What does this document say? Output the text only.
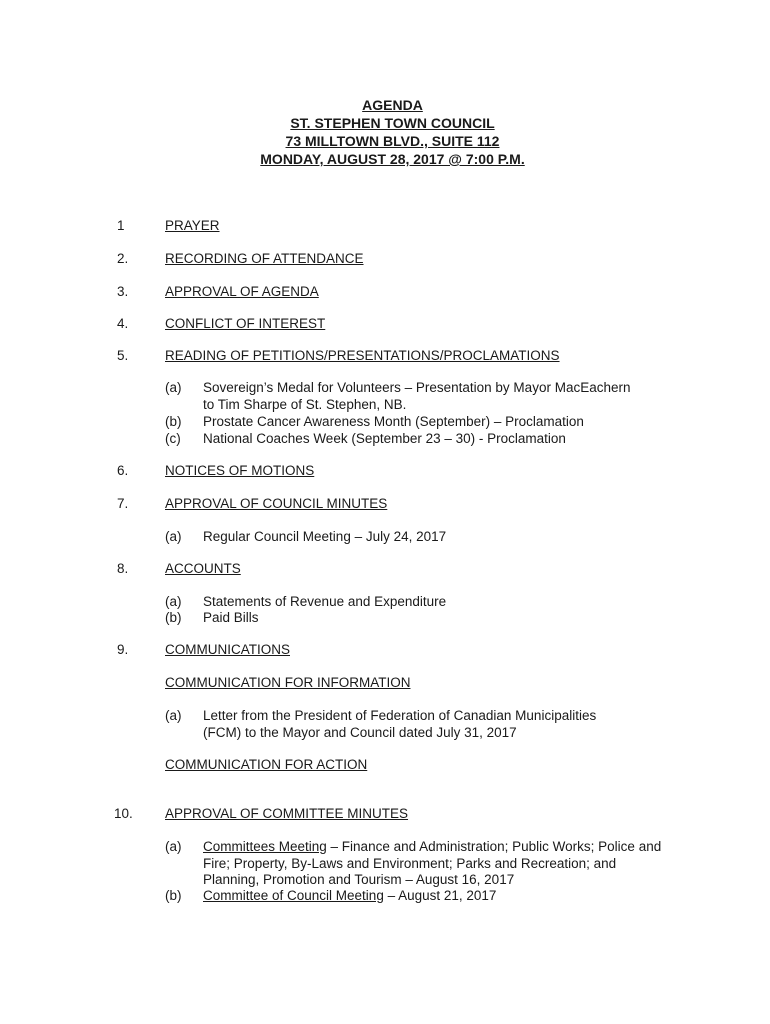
AGENDA
ST. STEPHEN TOWN COUNCIL
73 MILLTOWN BLVD., SUITE 112
MONDAY, AUGUST 28, 2017 @ 7:00 P.M.
1	PRAYER
2.	RECORDING OF ATTENDANCE
3.	APPROVAL OF AGENDA
4.	CONFLICT OF INTEREST
5.	READING OF PETITIONS/PRESENTATIONS/PROCLAMATIONS
(a) Sovereign’s Medal for Volunteers – Presentation by Mayor MacEachern
to Tim Sharpe of St. Stephen, NB.
(b) Prostate Cancer Awareness Month (September) – Proclamation
(c) National Coaches Week (September 23 – 30) - Proclamation
6.	NOTICES OF MOTIONS
7.	APPROVAL OF COUNCIL MINUTES
(a) Regular Council Meeting – July 24, 2017
8.	ACCOUNTS
(a) Statements of Revenue and Expenditure
(b) Paid Bills
9.	COMMUNICATIONS
COMMUNICATION FOR INFORMATION
(a) Letter from the President of Federation of Canadian Municipalities
(FCM) to the Mayor and Council dated July 31, 2017
COMMUNICATION FOR ACTION
10. APPROVAL OF COMMITTEE MINUTES
(a) Committees Meeting – Finance and Administration; Public Works; Police and
Fire; Property, By-Laws and Environment; Parks and Recreation; and
Planning, Promotion and Tourism – August 16, 2017
(b) Committee of Council Meeting – August 21, 2017
